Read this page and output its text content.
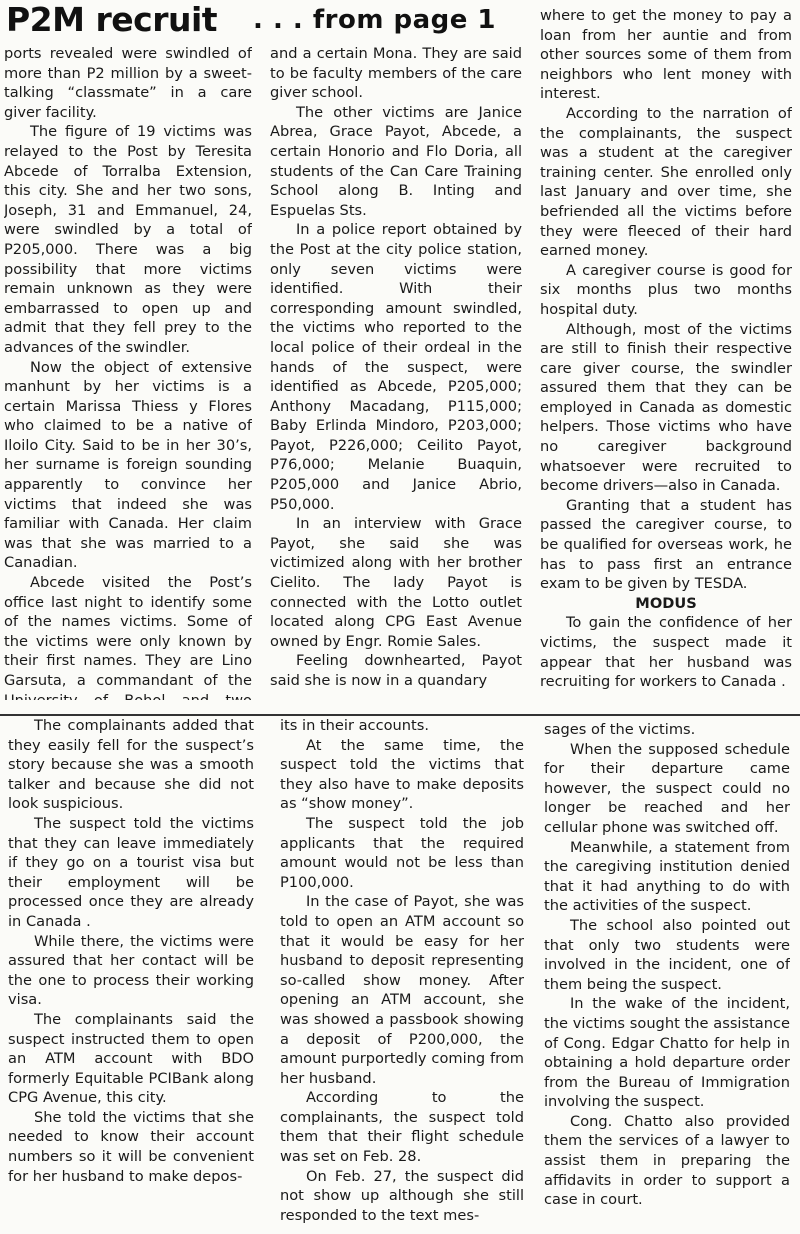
P2M recruit . . . from page 1

ports revealed were swindled of more than P2 million by a sweet-talking “classmate” in a care giver facility.

The figure of 19 victims was relayed to the Post by Teresita Abcede of Torralba Extension, this city. She and her two sons, Joseph, 31 and Emmanuel, 24, were swindled by a total of P205,000. There was a big possibility that more victims remain unknown as they were embarrassed to open up and admit that they fell prey to the advances of the swindler.

Now the object of extensive manhunt by her victims is a certain Marissa Thiess y Flores who claimed to be a native of Iloilo City. Said to be in her 30’s, her surname is foreign sounding apparently to convince her victims that indeed she was familiar with Canada. Her claim was that she was married to a Canadian.

Abcede visited the Post’s office last night to identify some of the names victims. Some of the victims were only known by their first names. They are Lino Garsuta, a commandant of the

and a certain Mona. They are said to be faculty members of the care giver school.

The other victims are Janice Abrea, Grace Payot, Abcede, a certain Honorio and Flo Doria, all students of the Can Care Training School along B. Inting and Espuelas Sts.

In a police report obtained by the Post at the city police station, only seven victims were identified. With their corresponding amount swindled, the victims who reported to the local police of their ordeal in the hands of the suspect, were identified as Abcede, P205,000; Anthony Macadang, P115,000; Baby Erlinda Mindoro, P203,000; Payot, P226,000; Ceilito Payot, P76,000; Melanie Buaquin, P205,000 and Janice Abrio, P50,000.

In an interview with Grace Payot, she said she was victimized along with her brother Cielito. The lady Payot is connected with the Lotto outlet located along CPG East Avenue owned by Engr. Romie Sales.

Feeling downhearted, Payot said she is now in a quandary

where to get the money to pay a loan from her auntie and from other sources some of them from neighbors who lent money with interest.

According to the narration of the complainants, the suspect was a student at the caregiver training center. She enrolled only last January and over time, she befriended all the victims before they were fleeced of their hard earned money.

A caregiver course is good for six months plus two months hospital duty.

Although, most of the victims are still to finish their respective care giver course, the swindler assured them that they can be employed in Canada as domestic helpers. Those victims who have no caregiver background whatsoever were recruited to become drivers—also in Canada.

Granting that a student has passed the caregiver course, to be qualified for overseas work, he has to pass first an entrance exam to be given by TESDA.

MODUS

To gain the confidence of her victims, the suspect made it appear that her husband was recruiting for workers to Canada .

The complainants added that they easily fell for the suspect’s story because she was a smooth talker and because she did not look suspicious.

The suspect told the victims that they can leave immediately if they go on a tourist visa but their employment will be processed once they are already in Canada .

While there, the victims were assured that her contact will be the one to process their working visa.

The complainants said the suspect instructed them to open an ATM account with BDO formerly Equitable PCIBank along CPG Avenue, this city.

She told the victims that she needed to know their account numbers so it will be convenient for her husband to make depos-

its in their accounts.

At the same time, the suspect told the victims that they also have to make deposits as “show money”.

The suspect told the job applicants that the required amount would not be less than P100,000.

In the case of Payot, she was told to open an ATM account so that it would be easy for her husband to deposit representing so-called show money. After opening an ATM account, she was showed a passbook showing a deposit of P200,000, the amount purportedly coming from her husband.

According to the complainants, the suspect told them that their flight schedule was set on Feb. 28.

On Feb. 27, the suspect did not show up although she still responded to the text mes-

sages of the victims.

When the supposed schedule for their departure came however, the suspect could no longer be reached and her cellular phone was switched off.

Meanwhile, a statement from the caregiving institution denied that it had anything to do with the activities of the suspect.

The school also pointed out that only two students were involved in the incident, one of them being the suspect.

In the wake of the incident, the victims sought the assistance of Cong. Edgar Chatto for help in obtaining a hold departure order from the Bureau of Immigration involving the suspect.

Cong. Chatto also provided them the services of a lawyer to assist them in preparing the affidavits in order to support a case in court.
